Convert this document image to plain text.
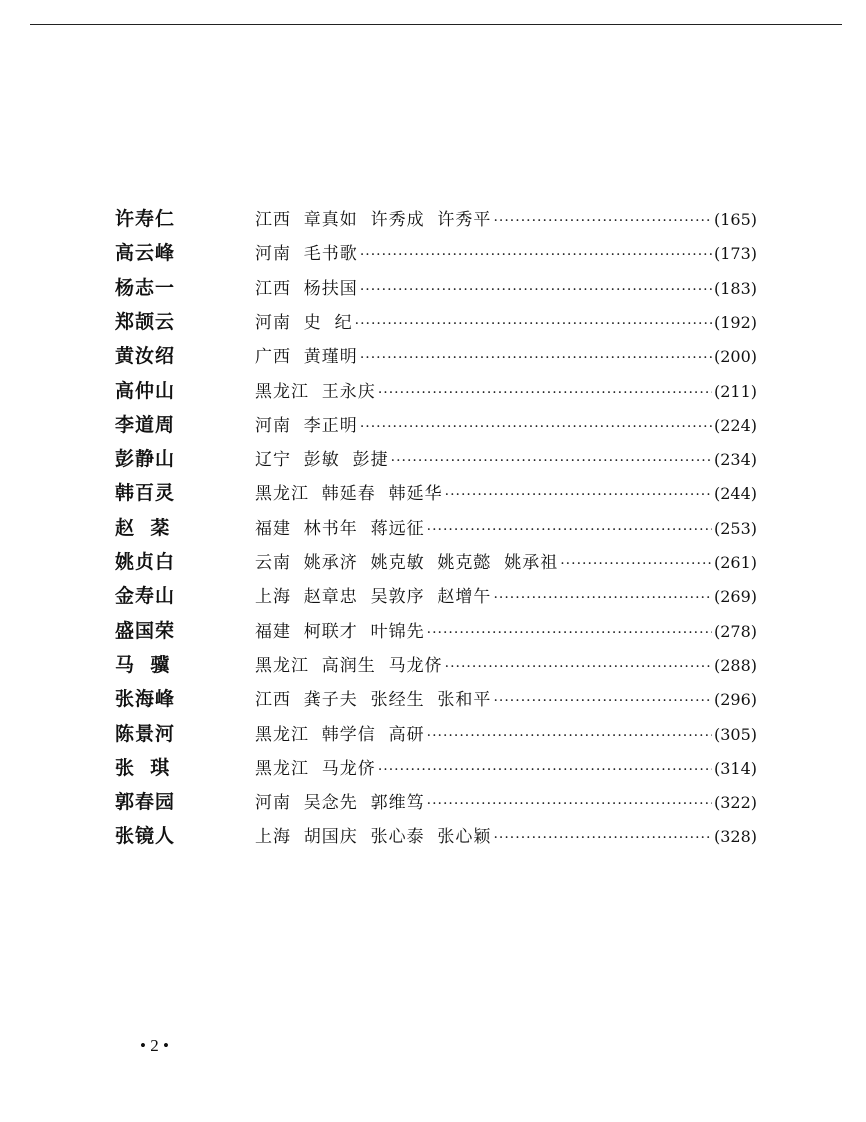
许寿仁	江西  章真如  许秀成  许秀平 ·····	(165)
高云峰	河南  毛书歌 ·····	(173)
杨志一	江西  杨扶国 ·····	(183)
郑颉云	河南  史  纪 ·····	(192)
黄汝绍	广西  黄瑾明 ·····	(200)
高仲山	黑龙江  王永庆 ·····	(211)
李道周	河南  李正明 ·····	(224)
彭静山	辽宁  彭敏  彭捷 ·····	(234)
韩百灵	黑龙江  韩延春  韩延华 ·····	(244)
赵  棻	福建  林书年  蒋远征 ·····	(253)
姚贞白	云南  姚承济  姚克敏  姚克懿  姚承祖 ·····	(261)
金寿山	上海  赵章忠  吴敦序  赵增午 ·····	(269)
盛国荣	福建  柯联才  叶锦先 ·····	(278)
马  骥	黑龙江  高润生  马龙侪 ·····	(288)
张海峰	江西  龚子夫  张经生  张和平 ·····	(296)
陈景河	黑龙江  韩学信  高研 ·····	(305)
张  琪	黑龙江  马龙侪 ·····	(314)
郭春园	河南  吴念先  郭维笃 ·····	(322)
张镜人	上海  胡国庆  张心泰  张心颖 ·····	(328)
• 2 •
